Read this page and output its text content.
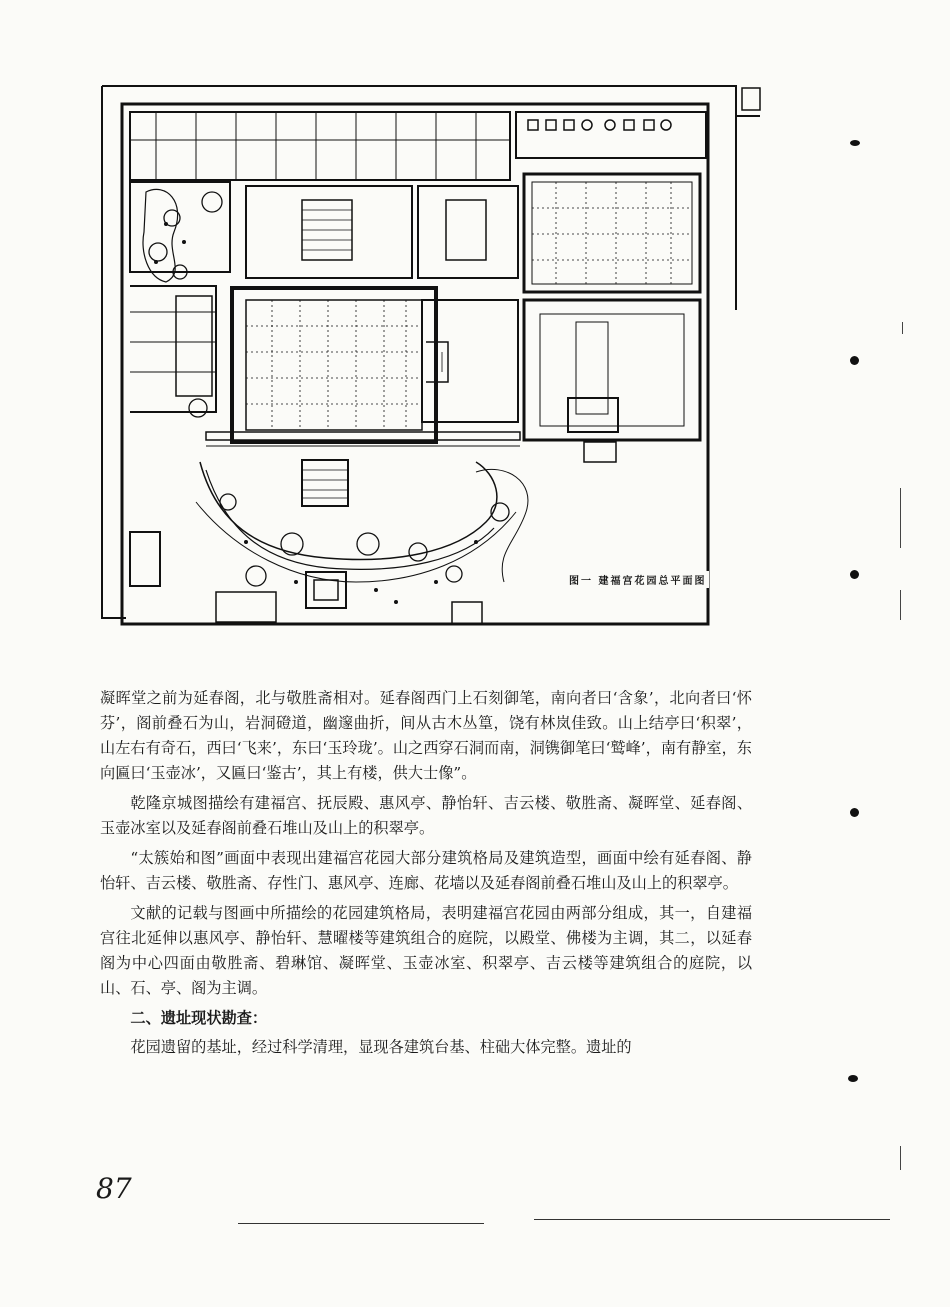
图一 建福宫花园总平面图

凝晖堂之前为延春阁，北与敬胜斋相对。延春阁西门上石刻御笔，南向者曰‘含象’，北向者曰‘怀芬’，阁前叠石为山，岩洞磴道，幽邃曲折，间从古木丛篁，饶有林岚佳致。山上结亭曰‘积翠’，山左右有奇石，西曰‘飞来’，东曰‘玉玲珑’。山之西穿石洞而南，洞镌御笔曰‘鹫峰’，南有静室，东向匾曰‘玉壶冰’，又匾曰‘鉴古’，其上有楼，供大士像”。

乾隆京城图描绘有建福宫、抚辰殿、惠风亭、静怡轩、吉云楼、敬胜斋、凝晖堂、延春阁、玉壶冰室以及延春阁前叠石堆山及山上的积翠亭。

“太簇始和图”画面中表现出建福宫花园大部分建筑格局及建筑造型，画面中绘有延春阁、静怡轩、吉云楼、敬胜斋、存性门、惠风亭、连廊、花墙以及延春阁前叠石堆山及山上的积翠亭。

文献的记载与图画中所描绘的花园建筑格局，表明建福宫花园由两部分组成，其一，自建福宫往北延伸以惠风亭、静怡轩、慧曜楼等建筑组合的庭院，以殿堂、佛楼为主调，其二，以延春阁为中心四面由敬胜斋、碧琳馆、凝晖堂、玉壶冰室、积翠亭、吉云楼等建筑组合的庭院，以山、石、亭、阁为主调。

二、遗址现状勘查：

花园遗留的基址，经过科学清理，显现各建筑台基、柱础大体完整。遗址的

87
